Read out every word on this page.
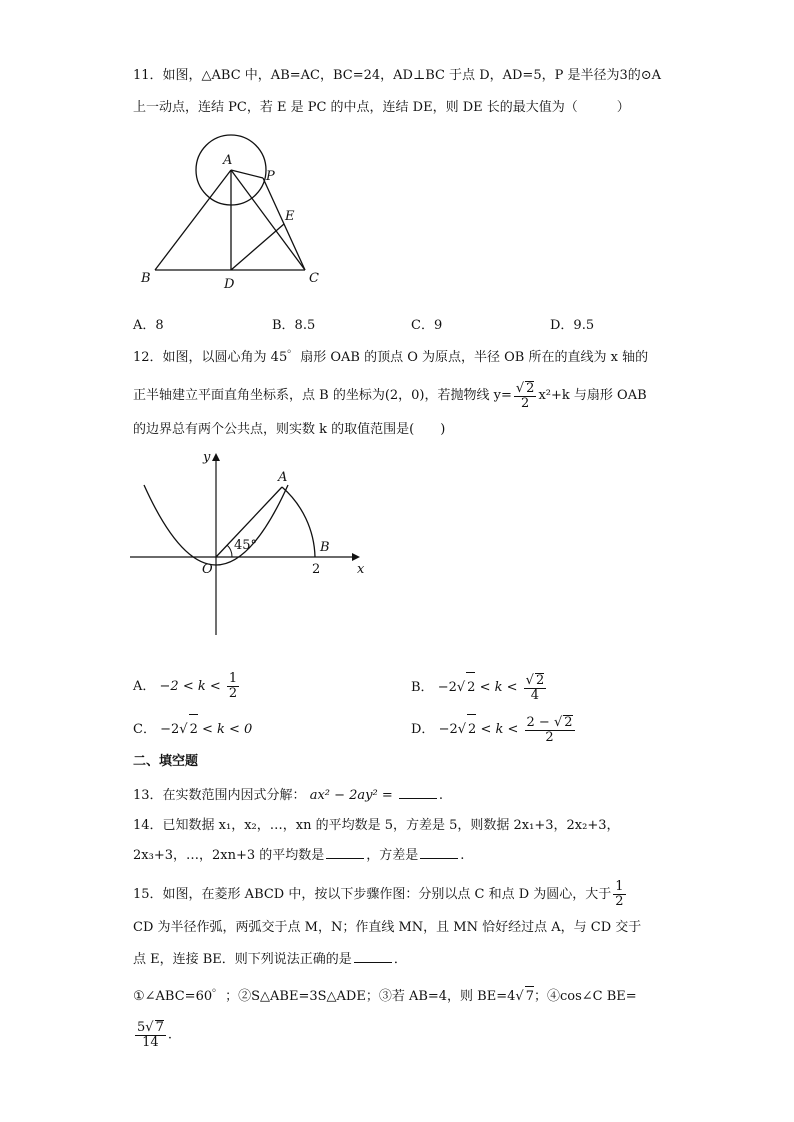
11．如图，△ABC 中，AB=AC，BC=24，AD⊥BC 于点 D，AD=5，P 是半径为3的⊙A
上一动点，连结 PC，若 E 是 PC 的中点，连结 DE，则 DE 长的最大值为（　　　）
A
P
E
B	D	C
A．8	B．8.5	C．9	D．9.5
12．如图，以圆心角为 45゜扇形 OAB 的顶点 O 为原点，半径 OB 所在的直线为 x 轴的
正半轴建立平面直角坐标系，点 B 的坐标为(2，0)，若抛物线 $y= \frac{√ 2}{2} x^2+k$ 与扇形 OAB
的边界总有两个公共点，则实数 k 的取值范围是(　　)
y
x
A
B
O	2
45°
A． $-2 < k < \frac{1}{2}$	B． −2√ $2 < k < \frac{√ 2}{4}$
C． −2√ 2 < k < 0	D． −2√ $2 < k < \frac{2 - √ 2}{2}$
二、填空题
13．在实数范围内因式分解： ax² − 2ay² =	.
14．已知数据 x₁，x₂，…，xn 的平均数是 5，方差是 5，则数据 2x₁+3，2x₂+3，
2x₃+3，…，2xn+3 的平均数是	，方差是	.
15．如图，在菱形 ABCD 中，按以下步骤作图：分别以点 C 和点 D 为圆心，大于 $\frac{1}{2}$
CD 为半径作弧，两弧交于点 M，N；作直线 MN，且 MN 恰好经过点 A，与 CD 交于
点 E，连接 BE．则下列说法正确的是	．
①∠ABC=60゜；②S△ABE=3S△ADE；③若 AB=4，则 BE=4√ 7；④cos∠C BE=
$\frac{5√ 7}{14}$ .
